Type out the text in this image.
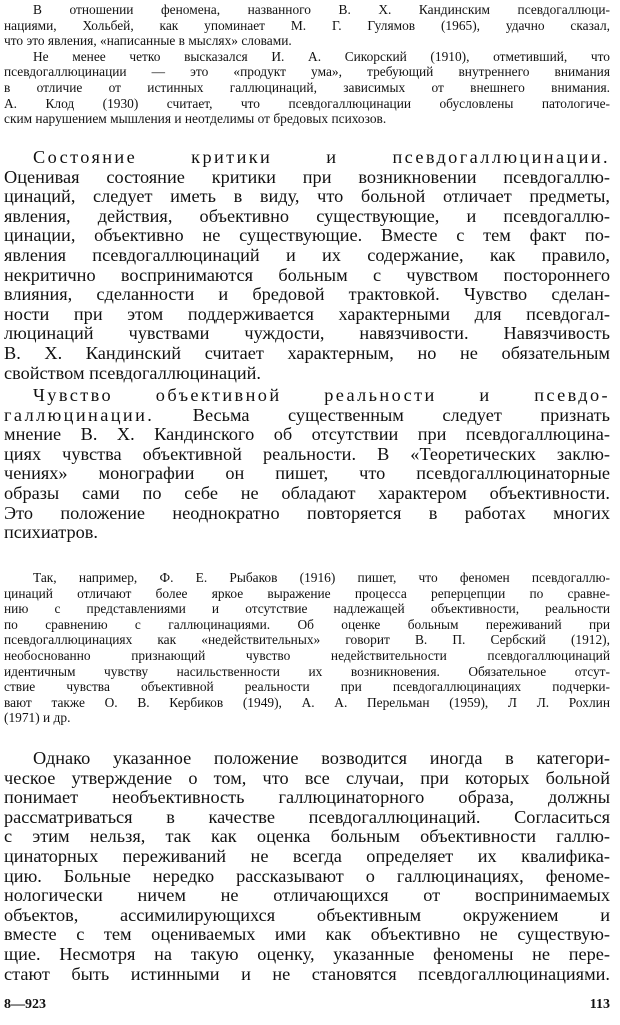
В отношении феномена, названного В. Х. Кандинским псевдогаллюци-
нациями, Хольбей, как упоминает М. Г. Гулямов (1965), удачно сказал,
что это явления, «написанные в мыслях» словами.
Не менее четко высказался И. А. Сикорский (1910), отметивший, что
псевдогаллюцинации — это «продукт ума», требующий внутреннего внимания
в отличие от истинных галлюцинаций, зависимых от внешнего внимания.
А. Клод (1930) считает, что псевдогаллюцинации обусловлены патологиче-
ским нарушением мышления и неотделимы от бредовых психозов.
Состояние критики и псевдогаллюцинации.
Оценивая состояние критики при возникновении псевдогаллю-
цинаций, следует иметь в виду, что больной отличает предметы,
явления, действия, объективно существующие, и псевдогаллю-
цинации, объективно не существующие. Вместе с тем факт по-
явления псевдогаллюцинаций и их содержание, как правило,
некритично воспринимаются больным с чувством постороннего
влияния, сделанности и бредовой трактовкой. Чувство сделан-
ности при этом поддерживается характерными для псевдогал-
люцинаций чувствами чуждости, навязчивости. Навязчивость
В. Х. Кандинский считает характерным, но не обязательным
свойством псевдогаллюцинаций.
Чувство объективной реальности и псевдо-
галлюцинации. Весьма существенным следует признать
мнение В. Х. Кандинского об отсутствии при псевдогаллюцина-
циях чувства объективной реальности. В «Теоретических заклю-
чениях» монографии он пишет, что псевдогаллюцинаторные
образы сами по себе не обладают характером объективности.
Это положение неоднократно повторяется в работах многих
психиатров.
Так, например, Ф. Е. Рыбаков (1916) пишет, что феномен псевдогаллю-
цинаций отличают более яркое выражение процесса реперцепции по сравне-
нию с представлениями и отсутствие надлежащей объективности, реальности
по сравнению с галлюцинациями. Об оценке больным переживаний при
псевдогаллюцинациях как «недействительных» говорит В. П. Сербский (1912),
необоснованно признающий чувство недействительности псевдогаллюцинаций
идентичным чувству насильственности их возникновения. Обязательное отсут-
ствие чувства объективной реальности при псевдогаллюцинациях подчерки-
вают также О. В. Кербиков (1949), А. А. Перельман (1959), Л Л. Рохлин
(1971) и др.
Однако указанное положение возводится иногда в категори-
ческое утверждение о том, что все случаи, при которых больной
понимает необъективность галлюцинаторного образа, должны
рассматриваться в качестве псевдогаллюцинаций. Согласиться
с этим нельзя, так как оценка больным объективности галлю-
цинаторных переживаний не всегда определяет их квалифика-
цию. Больные нередко рассказывают о галлюцинациях, феноме-
нологически ничем не отличающихся от воспринимаемых
объектов, ассимилирующихся объективным окружением и
вместе с тем оцениваемых ими как объективно не существую-
щие. Несмотря на такую оценку, указанные феномены не пере-
стают быть истинными и не становятся псевдогаллюцинациями.
8—923	113
